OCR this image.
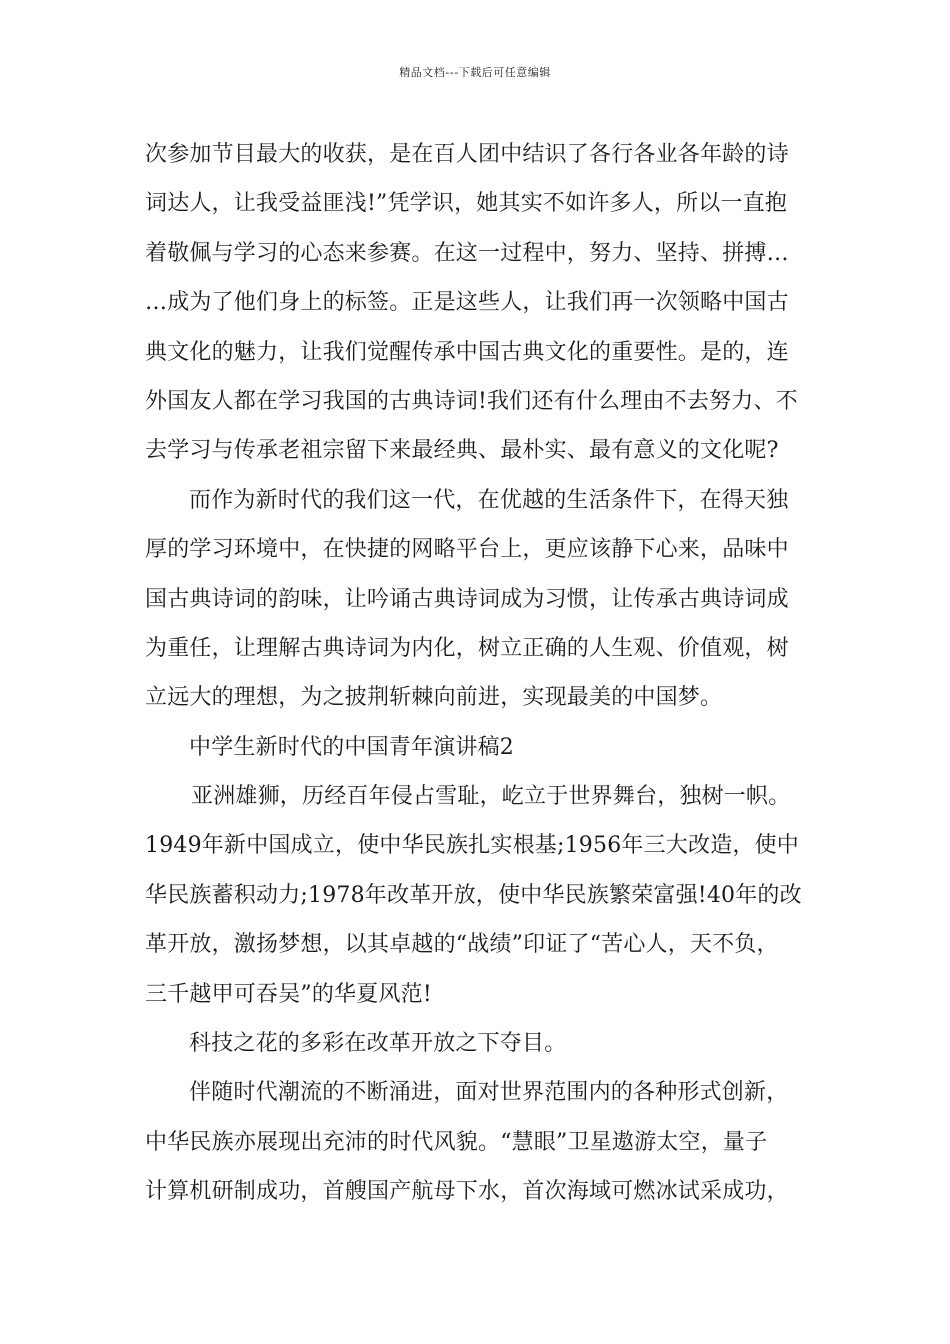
精品文档---下载后可任意编辑
次参加节目最大的收获，是在百人团中结识了各行各业各年龄的诗
词达人，让我受益匪浅!”凭学识，她其实不如许多人，所以一直抱
着敬佩与学习的心态来参赛。在这一过程中，努力、坚持、拼搏…
…成为了他们身上的标签。正是这些人，让我们再一次领略中国古
典文化的魅力，让我们觉醒传承中国古典文化的重要性。是的，连
外国友人都在学习我国的古典诗词!我们还有什么理由不去努力、不
去学习与传承老祖宗留下来最经典、最朴实、最有意义的文化呢?
而作为新时代的我们这一代，在优越的生活条件下，在得天独
厚的学习环境中，在快捷的网略平台上，更应该静下心来，品味中
国古典诗词的韵味，让吟诵古典诗词成为习惯，让传承古典诗词成
为重任，让理解古典诗词为内化，树立正确的人生观、价值观，树
立远大的理想，为之披荆斩棘向前进，实现最美的中国梦。
中学生新时代的中国青年演讲稿2
亚洲雄狮，历经百年侵占雪耻，屹立于世界舞台，独树一帜。
1949年新中国成立，使中华民族扎实根基;1956年三大改造，使中
华民族蓄积动力;1978年改革开放，使中华民族繁荣富强!40年的改
革开放，激扬梦想，以其卓越的“战绩”印证了“苦心人，天不负，
三千越甲可吞吴”的华夏风范!
科技之花的多彩在改革开放之下夺目。
伴随时代潮流的不断涌进，面对世界范围内的各种形式创新，
中华民族亦展现出充沛的时代风貌。“慧眼”卫星遨游太空，量子
计算机研制成功，首艘国产航母下水，首次海域可燃冰试采成功，
